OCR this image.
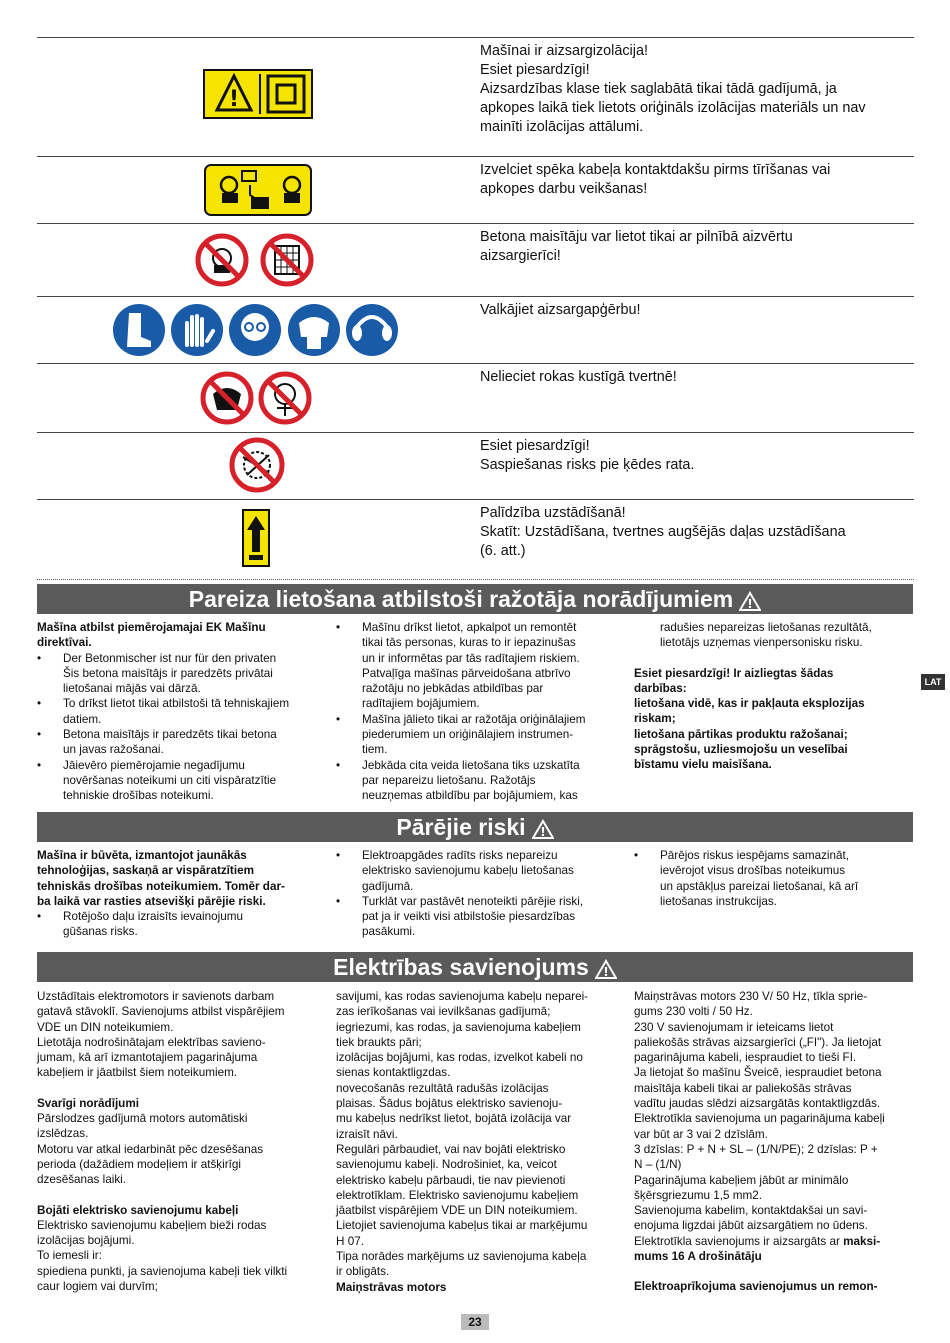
!
Mašīnai ir aizsargizolācija!
Esiet piesardzīgi!
Aizsardzības klase tiek saglabātā tikai tādā gadījumā, ja
apkopes laikā tiek lietots oriģināls izolācijas materiāls un nav
mainīti izolācijas attālumi.
Izvelciet spēka kabeļa kontaktdakšu pirms tīrīšanas vai
apkopes darbu veikšanas!
Betona maisītāju var lietot tikai ar pilnībā aizvērtu
aizsargierīci!
Valkājiet aizsargapģērbu!
Nelieciet rokas kustīgā tvertnē!
Esiet piesardzīgi!
Saspiešanas risks pie ķēdes rata.
Palīdzība uzstādīšanā!
Skatīt: Uzstādīšana, tvertnes augšējās daļas uzstādīšana
(6. att.)
Pareiza lietošana atbilstoši ražotāja norādījumiem !
Mašīna atbilst piemērojamajai EK Mašīnu
direktīvai.
• Der Betonmischer ist nur für den privaten
Šis betona maisītājs ir paredzēts privātai
lietošanai mājās vai dārzā.
• To drīkst lietot tikai atbilstoši tā tehniskajiem
datiem.
• Betona maisītājs ir paredzēts tikai betona
un javas ražošanai.
• Jāievēro piemērojamie negadījumu
novēršanas noteikumi un citi vispāratzītie
tehniskie drošības noteikumi.
• Mašīnu drīkst lietot, apkalpot un remontēt
tikai tās personas, kuras to ir iepazinušas
un ir informētas par tās radītajiem riskiem.
Patvaļīga mašīnas pārveidošana atbrīvo
ražotāju no jebkādas atbildības par
radītajiem bojājumiem.
• Mašīna jālieto tikai ar ražotāja oriģinālajiem
piederumiem un oriģinālajiem instrumen-
tiem.
• Jebkāda cita veida lietošana tiks uzskatīta
par nepareizu lietošanu. Ražotājs
neuzņemas atbildību par bojājumiem, kas
radušies nepareizas lietošanas rezultātā,
lietotājs uzņemas vienpersonisku risku.
Esiet piesardzīgi! Ir aizliegtas šādas
darbības:
lietošana vidē, kas ir pakļauta eksplozijas
riskam;
lietošana pārtikas produktu ražošanai;
sprāgstošu, uzliesmojošu un veselībai
bīstamu vielu maisīšana.
LAT
Pārējie riski !
Mašīna ir būvēta, izmantojot jaunākās
tehnoloģijas, saskaņā ar vispāratzītiem
tehniskās drošības noteikumiem. Tomēr dar-
ba laikā var rasties atsevišķi pārējie riski.
• Rotējošo daļu izraisīts ievainojumu
gūšanas risks.
• Elektroapgādes radīts risks nepareizu
elektrisko savienojumu kabeļu lietošanas
gadījumā.
• Turklāt var pastāvēt nenoteikti pārējie riski,
pat ja ir veikti visi atbilstošie piesardzības
pasākumi.
• Pārējos riskus iespējams samazināt,
ievērojot visus drošības noteikumus
un apstākļus pareizai lietošanai, kā arī
lietošanas instrukcijas.
Elektrības savienojums !
Uzstādītais elektromotors ir savienots darbam
gatavā stāvoklī. Savienojums atbilst vispārējiem
VDE un DIN noteikumiem.
Lietotāja nodrošinātajam elektrības savieno-
jumam, kā arī izmantotajiem pagarinājuma
kabeļiem ir jāatbilst šiem noteikumiem.
Svarīgi norādījumi
Pārslodzes gadījumā motors automātiski
izslēdzas.
Motoru var atkal iedarbināt pēc dzesēšanas
perioda (dažādiem modeļiem ir atšķirīgi
dzesēšanas laiki.
Bojāti elektrisko savienojumu kabeļi
Elektrisko savienojumu kabeļiem bieži rodas
izolācijas bojājumi.
To iemesli ir:
spiediena punkti, ja savienojuma kabeļi tiek vilkti
caur logiem vai durvīm;
savijumi, kas rodas savienojuma kabeļu neparei-
zas ierīkošanas vai ievilkšanas gadījumā;
iegriezumi, kas rodas, ja savienojuma kabeļiem
tiek braukts pāri;
izolācijas bojājumi, kas rodas, izvelkot kabeli no
sienas kontaktligzdas.
novecošanās rezultātā radušās izolācijas
plaisas. Šādus bojātus elektrisko savienoju-
mu kabeļus nedrīkst lietot, bojātā izolācija var
izraisīt nāvi.
Regulāri pārbaudiet, vai nav bojāti elektrisko
savienojumu kabeļi. Nodrošiniet, ka, veicot
elektrisko kabeļu pārbaudi, tie nav pievienoti
elektrotīklam. Elektrisko savienojumu kabeļiem
jāatbilst vispārējiem VDE un DIN noteikumiem.
Lietojiet savienojuma kabeļus tikai ar marķējumu
H 07.
Tipa norādes marķējums uz savienojuma kabeļa
ir obligāts.
Maiņstrāvas motors
Maiņstrāvas motors 230 V/ 50 Hz, tīkla sprie-
gums 230 volti / 50 Hz.
230 V savienojumam ir ieteicams lietot
paliekošās strāvas aizsargierīci („FI"). Ja lietojat
pagarinājuma kabeli, iespraudiet to tieši FI.
Ja lietojat šo mašīnu Šveicē, iespraudiet betona
maisītāja kabeli tikai ar paliekošās strāvas
vadītu jaudas slēdzi aizsargātās kontaktligzdās.
Elektrotīkla savienojuma un pagarinājuma kabeļi
var būt ar 3 vai 2 dzīslām.
3 dzīslas: P + N + SL – (1/N/PE); 2 dzīslas: P +
N – (1/N)
Pagarinājuma kabeļiem jābūt ar minimālo
šķērsgriezumu 1,5 mm2.
Savienojuma kabelim, kontaktdakšai un savi-
enojuma ligzdai jābūt aizsargātiem no ūdens.
Elektrotīkla savienojums ir aizsargāts ar maksi-
mums 16 A drošinātāju
Elektroaprīkojuma savienojumus un remon-
23
